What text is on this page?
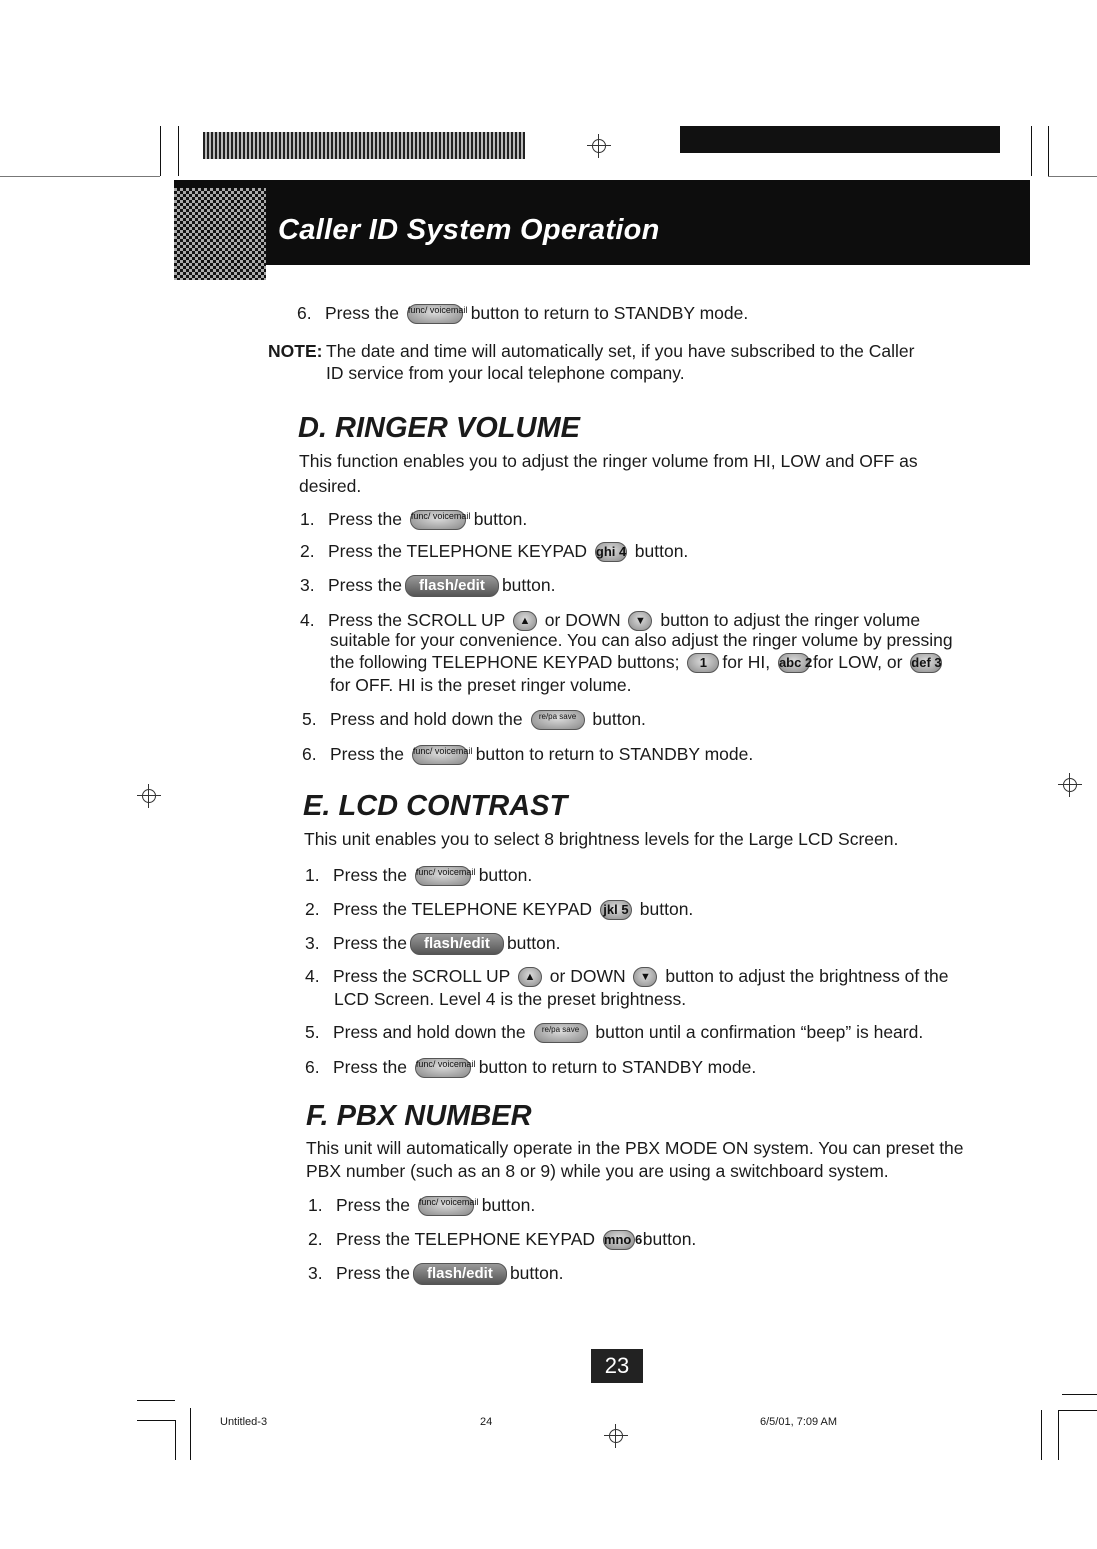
Caller ID System Operation
6. Press the func/ voicemail button to return to STANDBY mode.
NOTE: The date and time will automatically set, if you have subscribed to the Caller
ID service from your local telephone company.
D. RINGER VOLUME
This function enables you to adjust the ringer volume from HI, LOW and OFF as
desired.
1. Press the func/ voicemail button.
2. Press the TELEPHONE KEYPAD ghi 4 button.
3. Press the flash/edit button.
4. Press the SCROLL UP ▲ or DOWN ▼ button to adjust the ringer volume
suitable for your convenience. You can also adjust the ringer volume by pressing
the following TELEPHONE KEYPAD buttons; 1 for HI, abc 2for LOW, or def 3
for OFF. HI is the preset ringer volume.
5. Press and hold down the re/pa save button.
6. Press the func/ voicemail button to return to STANDBY mode.
E. LCD CONTRAST
This unit enables you to select 8 brightness levels for the Large LCD Screen.
1. Press the func/ voicemail button.
2. Press the TELEPHONE KEYPAD jkl 5 button.
3. Press the flash/edit button.
4. Press the SCROLL UP ▲ or DOWN ▼ button to adjust the brightness of the
LCD Screen. Level 4 is the preset brightness.
5. Press and hold down the re/pa save button until a confirmation “beep” is heard.
6. Press the func/ voicemail button to return to STANDBY mode.
F. PBX NUMBER
This unit will automatically operate in the PBX MODE ON system. You can preset the
PBX number (such as an 8 or 9) while you are using a switchboard system.
1. Press the func/ voicemail button.
2. Press the TELEPHONE KEYPAD mno 6 button.
3. Press the flash/edit button.
23
Untitled-3	24	6/5/01, 7:09 AM
